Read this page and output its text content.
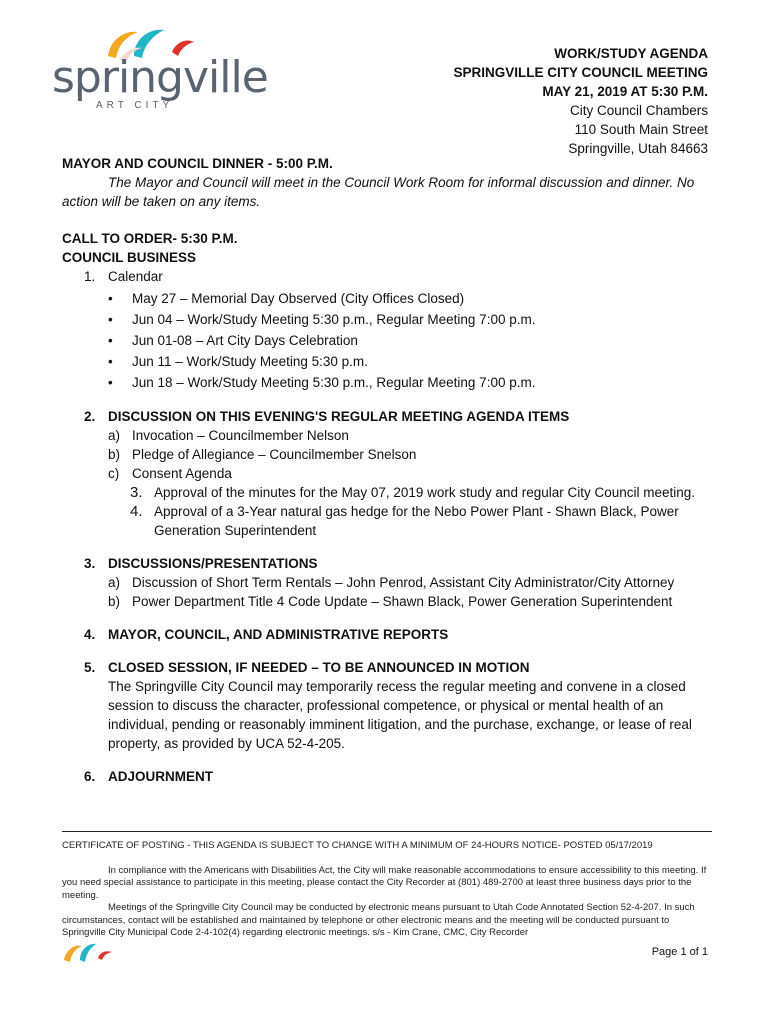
springville
ART CITY
WORK/STUDY AGENDA
SPRINGVILLE CITY COUNCIL MEETING
MAY 21, 2019 AT 5:30 P.M.
City Council Chambers
110 South Main Street
Springville, Utah 84663
MAYOR AND COUNCIL DINNER - 5:00 P.M.
The Mayor and Council will meet in the Council Work Room for informal discussion and dinner. No action will be taken on any items.
CALL TO ORDER- 5:30 P.M.
COUNCIL BUSINESS
1. Calendar
• May 27 – Memorial Day Observed (City Offices Closed)
• Jun 04 – Work/Study Meeting 5:30 p.m., Regular Meeting 7:00 p.m.
• Jun 01-08 – Art City Days Celebration
• Jun 11 – Work/Study Meeting 5:30 p.m.
• Jun 18 – Work/Study Meeting 5:30 p.m., Regular Meeting 7:00 p.m.
2. DISCUSSION ON THIS EVENING'S REGULAR MEETING AGENDA ITEMS
a) Invocation – Councilmember Nelson
b) Pledge of Allegiance – Councilmember Snelson
c) Consent Agenda
3. Approval of the minutes for the May 07, 2019 work study and regular City Council meeting.
4. Approval of a 3-Year natural gas hedge for the Nebo Power Plant - Shawn Black, Power Generation Superintendent
3. DISCUSSIONS/PRESENTATIONS
a) Discussion of Short Term Rentals – John Penrod, Assistant City Administrator/City Attorney
b) Power Department Title 4 Code Update – Shawn Black, Power Generation Superintendent
4. MAYOR, COUNCIL, AND ADMINISTRATIVE REPORTS
5. CLOSED SESSION, IF NEEDED – TO BE ANNOUNCED IN MOTION
The Springville City Council may temporarily recess the regular meeting and convene in a closed session to discuss the character, professional competence, or physical or mental health of an individual, pending or reasonably imminent litigation, and the purchase, exchange, or lease of real property, as provided by UCA 52-4-205.
6. ADJOURNMENT
CERTIFICATE OF POSTING - THIS AGENDA IS SUBJECT TO CHANGE WITH A MINIMUM OF 24-HOURS NOTICE- POSTED 05/17/2019
In compliance with the Americans with Disabilities Act, the City will make reasonable accommodations to ensure accessibility to this meeting. If you need special assistance to participate in this meeting, please contact the City Recorder at (801) 489-2700 at least three business days prior to the meeting.
Meetings of the Springville City Council may be conducted by electronic means pursuant to Utah Code Annotated Section 52-4-207. In such circumstances, contact will be established and maintained by telephone or other electronic means and the meeting will be conducted pursuant to Springville City Municipal Code 2-4-102(4) regarding electronic meetings. s/s - Kim Crane, CMC, City Recorder
Page 1 of 1
